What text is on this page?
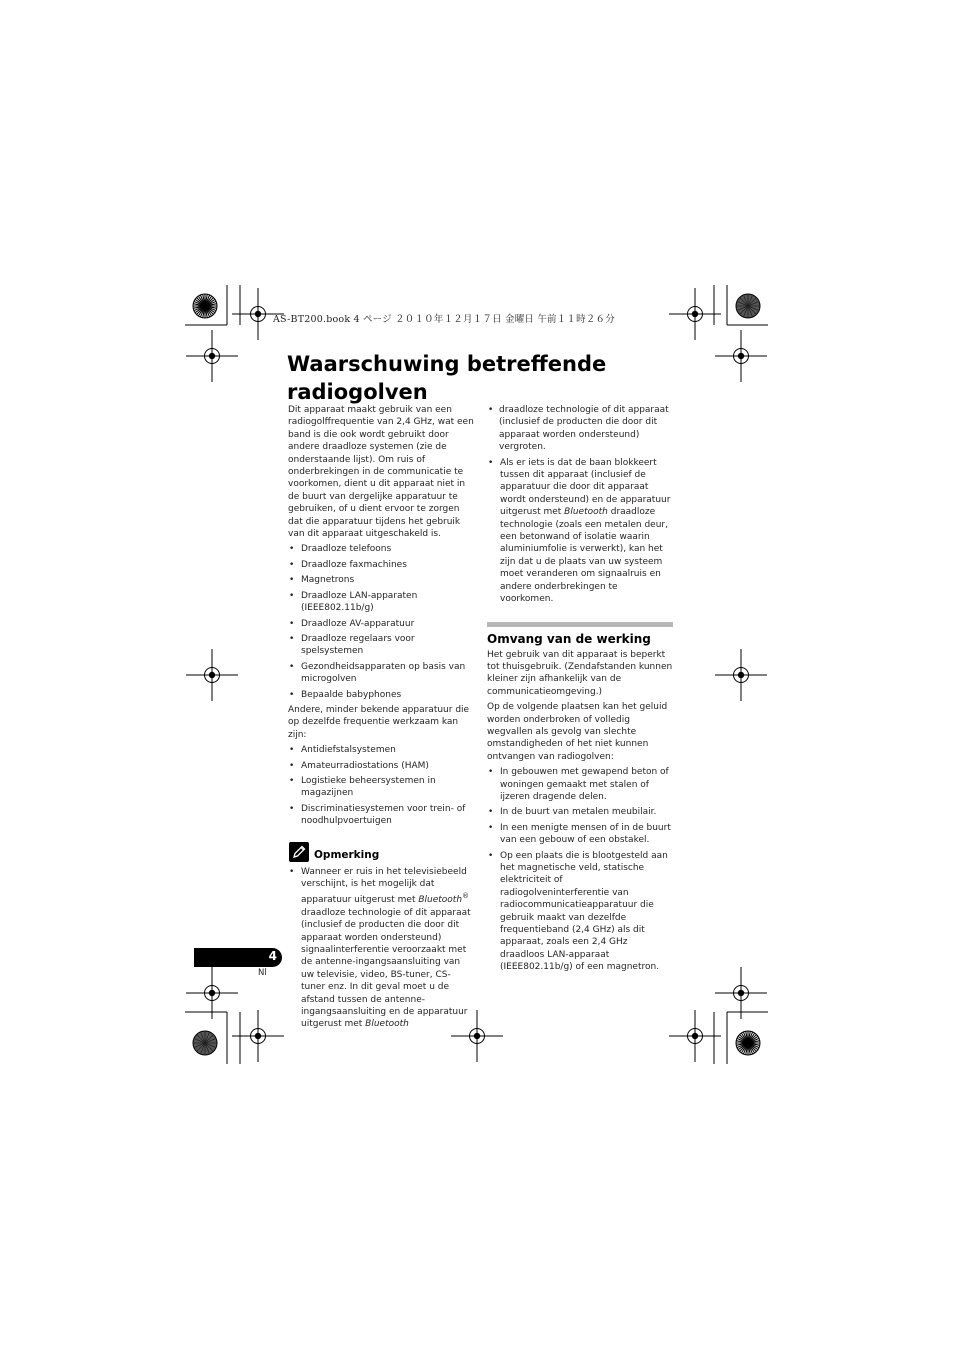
AS-BT200.book 4 ページ ２０１０年１２月１７日 金曜日 午前１１時２６分
Waarschuwing betreffende
radiogolven

Dit apparaat maakt gebruik van een radiogolffrequentie van 2,4 GHz, wat een band is die ook wordt gebruikt door andere draadloze systemen (zie de onderstaande lijst). Om ruis of onderbrekingen in de communicatie te voorkomen, dient u dit apparaat niet in de buurt van dergelijke apparatuur te gebruiken, of u dient ervoor te zorgen dat die apparatuur tijdens het gebruik van dit apparaat uitgeschakeld is.

• Draadloze telefoons
• Draadloze faxmachines
• Magnetrons
• Draadloze LAN-apparaten (IEEE802.11b/g)
• Draadloze AV-apparatuur
• Draadloze regelaars voor spelsystemen
• Gezondheidsapparaten op basis van microgolven
• Bepaalde babyphones

Andere, minder bekende apparatuur die op dezelfde frequentie werkzaam kan zijn:

• Antidiefstalsystemen
• Amateurradiostations (HAM)
• Logistieke beheersystemen in magazijnen
• Discriminatiesystemen voor trein- of noodhulpvoertuigen
Opmerking
• Wanneer er ruis in het televisiebeeld verschijnt, is het mogelijk dat apparatuur uitgerust met Bluetooth® draadloze technologie of dit apparaat (inclusief de producten die door dit apparaat worden ondersteund) signaalinterferentie veroorzaakt met de antenne-ingangsaansluiting van uw televisie, video, BS-tuner, CS-tuner enz. In dit geval moet u de afstand tussen de antenne-ingangsaansluiting en de apparatuur uitgerust met Bluetooth
• draadloze technologie of dit apparaat (inclusief de producten die door dit apparaat worden ondersteund) vergroten.
• Als er iets is dat de baan blokkeert tussen dit apparaat (inclusief de apparatuur die door dit apparaat wordt ondersteund) en de apparatuur uitgerust met Bluetooth draadloze technologie (zoals een metalen deur, een betonwand of isolatie waarin aluminiumfolie is verwerkt), kan het zijn dat u de plaats van uw systeem moet veranderen om signaalruis en andere onderbrekingen te voorkomen.
Omvang van de werking

Het gebruik van dit apparaat is beperkt tot thuisgebruik. (Zendafstanden kunnen kleiner zijn afhankelijk van de communicatieomgeving.)

Op de volgende plaatsen kan het geluid worden onderbroken of volledig wegvallen als gevolg van slechte omstandigheden of het niet kunnen ontvangen van radiogolven:

• In gebouwen met gewapend beton of woningen gemaakt met stalen of ijzeren dragende delen.
• In de buurt van metalen meubilair.
• In een menigte mensen of in de buurt van een gebouw of een obstakel.
• Op een plaats die is blootgesteld aan het magnetische veld, statische elektriciteit of radiogolveninterferentie van radiocommunicatieapparatuur die gebruik maakt van dezelfde frequentieband (2,4 GHz) als dit apparaat, zoals een 2,4 GHz draadloos LAN-apparaat (IEEE802.11b/g) of een magnetron.
4
Nl
